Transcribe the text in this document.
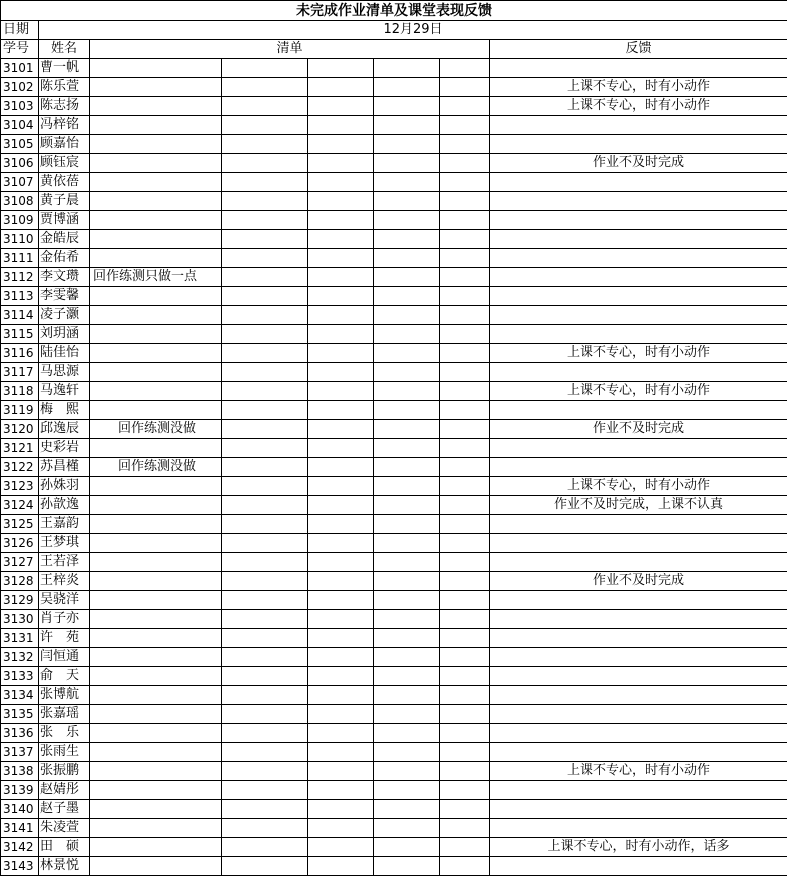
未完成作业清单及课堂表现反馈							
日期	12月29日						
学号	姓名	清单					反馈
3101	曹一帆						
3102	陈乐萱						上课不专心，时有小动作
3103	陈志扬						上课不专心，时有小动作
3104	冯梓铭						
3105	顾嘉怡						
3106	顾钰宸						作业不及时完成
3107	黄依蓓						
3108	黄子晨						
3109	贾博涵						
3110	金皓辰						
3111	金佑希						
3112	李文瓒	回作练测只做一点					
3113	李雯馨						
3114	凌子灏						
3115	刘玥涵						
3116	陆佳怡						上课不专心，时有小动作
3117	马思源						
3118	马逸轩						上课不专心，时有小动作
3119	梅　熙						
3120	邱逸辰	回作练测没做					作业不及时完成
3121	史彩岩						
3122	苏昌槿	回作练测没做					
3123	孙姝羽						上课不专心，时有小动作
3124	孙歆逸						作业不及时完成，上课不认真
3125	王嘉韵						
3126	王梦琪						
3127	王若泽						
3128	王梓炎						作业不及时完成
3129	吴骁洋						
3130	肖子亦						
3131	许　苑						
3132	闫恒通						
3133	俞　天						
3134	张博航						
3135	张嘉瑶						
3136	张　乐						
3137	张雨生						
3138	张振鹏						上课不专心，时有小动作
3139	赵婧彤						
3140	赵子墨						
3141	朱凌萱						
3142	田　硕						上课不专心，时有小动作，话多
3143	林景悦						
